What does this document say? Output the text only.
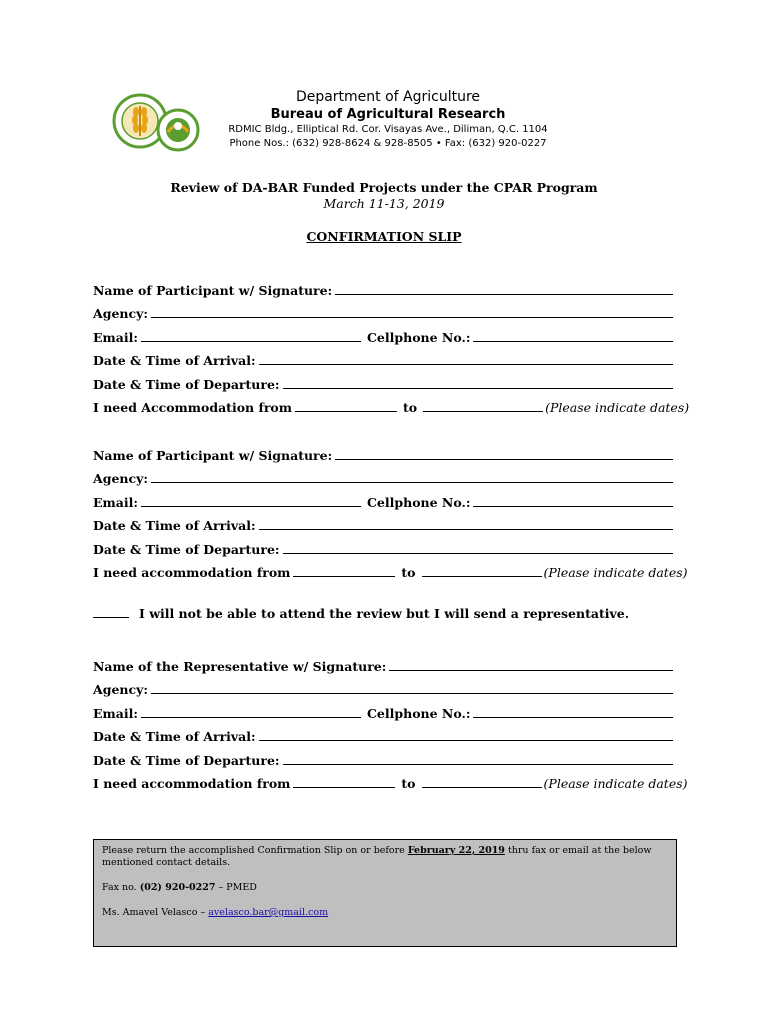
Department of Agriculture
Bureau of Agricultural Research
RDMIC Bldg., Elliptical Rd. Cor. Visayas Ave., Diliman, Q.C. 1104
Phone Nos.: (632) 928-8624 & 928-8505 • Fax: (632) 920-0227
Review of DA-BAR Funded Projects under the CPAR Program
March 11-13, 2019
CONFIRMATION SLIP
Name of Participant w/ Signature:
Agency:
Email:	Cellphone No.:
Date & Time of Arrival:
Date & Time of Departure:
I need Accommodation from	to	(Please indicate dates)
Name of Participant w/ Signature:
Agency:
Email:	Cellphone No.:
Date & Time of Arrival:
Date & Time of Departure:
I need accommodation from	to	(Please indicate dates)
I will not be able to attend the review but I will send a representative.
Name of the Representative w/ Signature:
Agency:
Email:	Cellphone No.:
Date & Time of Arrival:
Date & Time of Departure:
I need accommodation from	to	(Please indicate dates)

Please return the accomplished Confirmation Slip on or before February 22, 2019 thru fax or email at the below mentioned contact details.

Fax no. (02) 920-0227 – PMED

Ms. Amavel Velasco – avelasco.bar@gmail.com
